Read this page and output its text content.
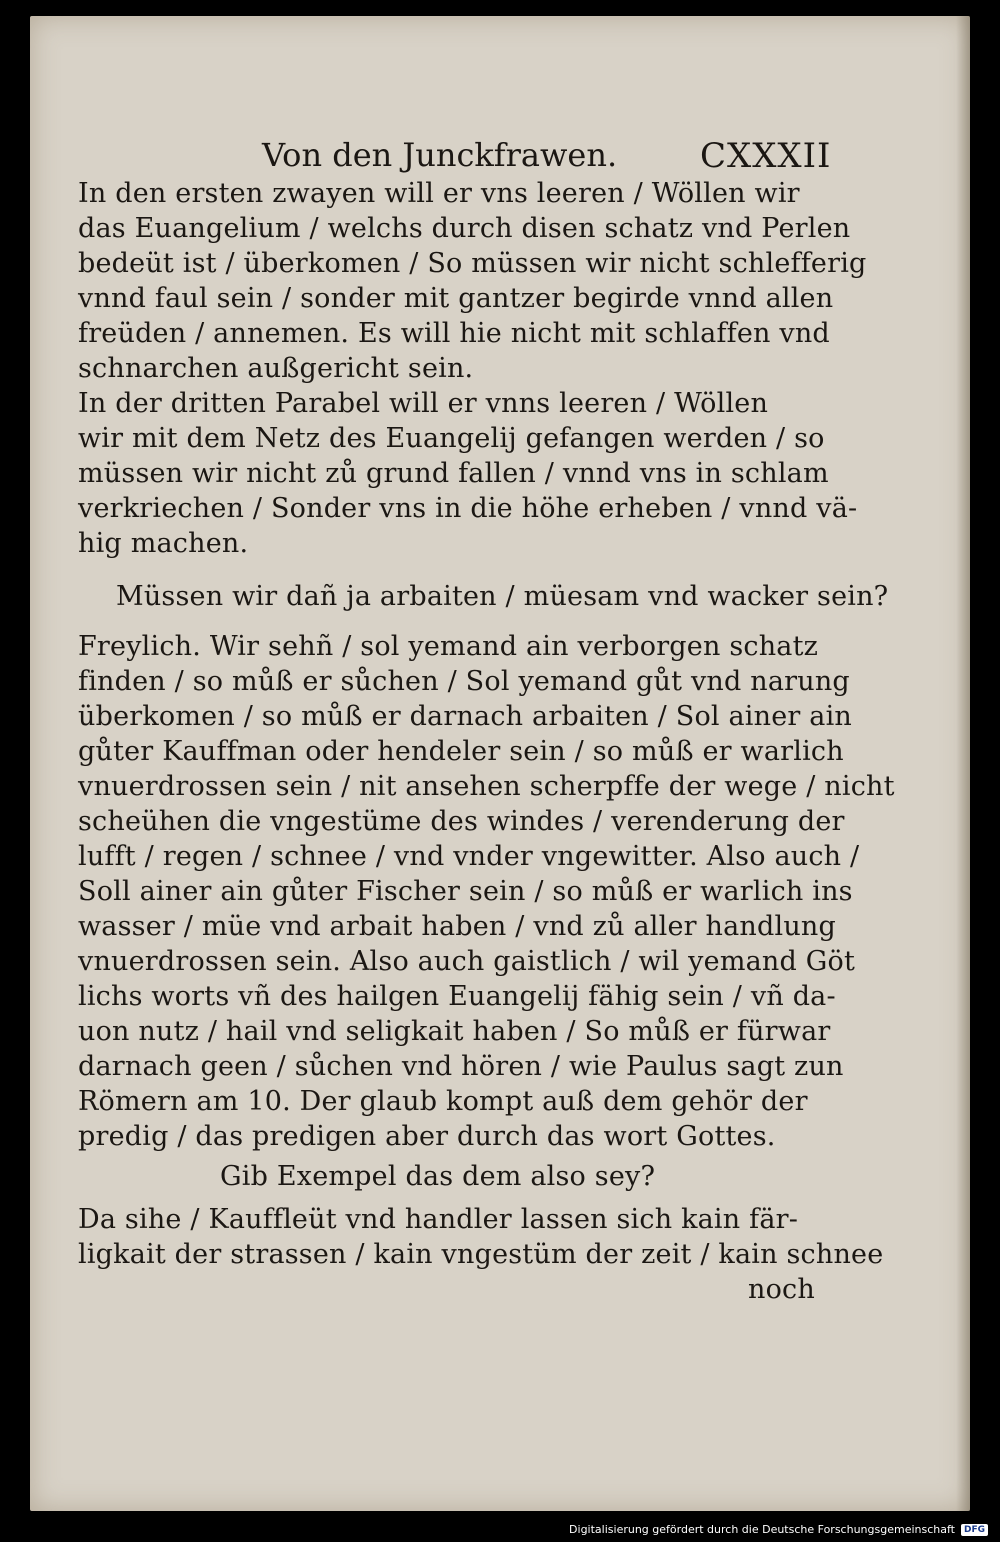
Von den Junckfrawen. CXXXII
In den ersten zwayen will er vns leeren / Wöllen wir
das Euangelium / welchs durch disen schatz vnd Perlen
bedeüt ist / überkomen / So müssen wir nicht schlefferig
vnnd faul sein / sonder mit gantzer begirde vnnd allen
freüden / annemen. Es will hie nicht mit schlaffen vnd
schnarchen außgericht sein.
In der dritten Parabel will er vnns leeren / Wöllen
wir mit dem Netz des Euangelij gefangen werden / so
müssen wir nicht zů grund fallen / vnnd vns in schlam
verkriechen / Sonder vns in die höhe erheben / vnnd vä-
hig machen.
Müssen wir dañ ja arbaiten / müesam vnd wacker sein?
Freylich. Wir sehñ / sol yemand ain verborgen schatz
finden / so můß er sůchen / Sol yemand gůt vnd narung
überkomen / so můß er darnach arbaiten / Sol ainer ain
gůter Kauffman oder hendeler sein / so můß er warlich
vnuerdrossen sein / nit ansehen scherpffe der wege / nicht
scheühen die vngestüme des windes / verenderung der
lufft / regen / schnee / vnd vnder vngewitter. Also auch /
Soll ainer ain gůter Fischer sein / so můß er warlich ins
wasser / müe vnd arbait haben / vnd zů aller handlung
vnuerdrossen sein. Also auch gaistlich / wil yemand Göt
lichs worts vñ des hailgen Euangelij fähig sein / vñ da-
uon nutz / hail vnd seligkait haben / So můß er fürwar
darnach geen / sůchen vnd hören / wie Paulus sagt zun
Römern am 10. Der glaub kompt auß dem gehör der
predig / das predigen aber durch das wort Gottes.
Gib Exempel das dem also sey?
Da sihe / Kauffleüt vnd handler lassen sich kain fär-
ligkait der strassen / kain vngestüm der zeit / kain schnee
noch
Digitalisierung gefördert durch die Deutsche Forschungsgemeinschaft	DFG
